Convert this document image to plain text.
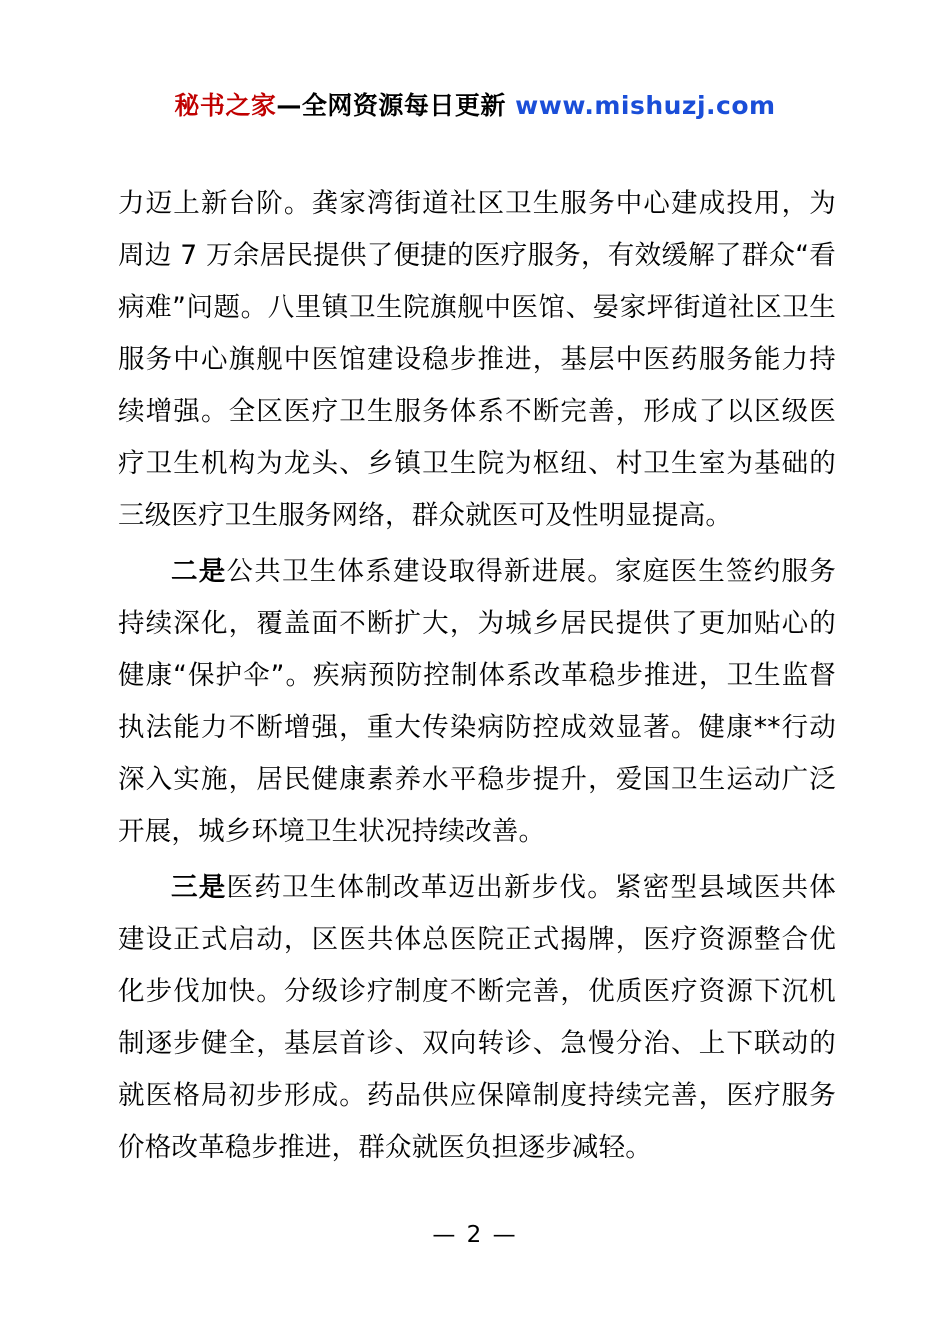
秘书之家—全网资源每日更新 www.mishuzj.com

力迈上新台阶。龚家湾街道社区卫生服务中心建成投用，为周边 7 万余居民提供了便捷的医疗服务，有效缓解了群众“看病难”问题。八里镇卫生院旗舰中医馆、晏家坪街道社区卫生服务中心旗舰中医馆建设稳步推进，基层中医药服务能力持续增强。全区医疗卫生服务体系不断完善，形成了以区级医疗卫生机构为龙头、乡镇卫生院为枢纽、村卫生室为基础的三级医疗卫生服务网络，群众就医可及性明显提高。

二是公共卫生体系建设取得新进展。家庭医生签约服务持续深化，覆盖面不断扩大，为城乡居民提供了更加贴心的健康“保护伞”。疾病预防控制体系改革稳步推进，卫生监督执法能力不断增强，重大传染病防控成效显著。健康**行动深入实施，居民健康素养水平稳步提升，爱国卫生运动广泛开展，城乡环境卫生状况持续改善。

三是医药卫生体制改革迈出新步伐。紧密型县域医共体建设正式启动，区医共体总医院正式揭牌，医疗资源整合优化步伐加快。分级诊疗制度不断完善，优质医疗资源下沉机制逐步健全，基层首诊、双向转诊、急慢分治、上下联动的就医格局初步形成。药品供应保障制度持续完善，医疗服务价格改革稳步推进，群众就医负担逐步减轻。

— 2 —
